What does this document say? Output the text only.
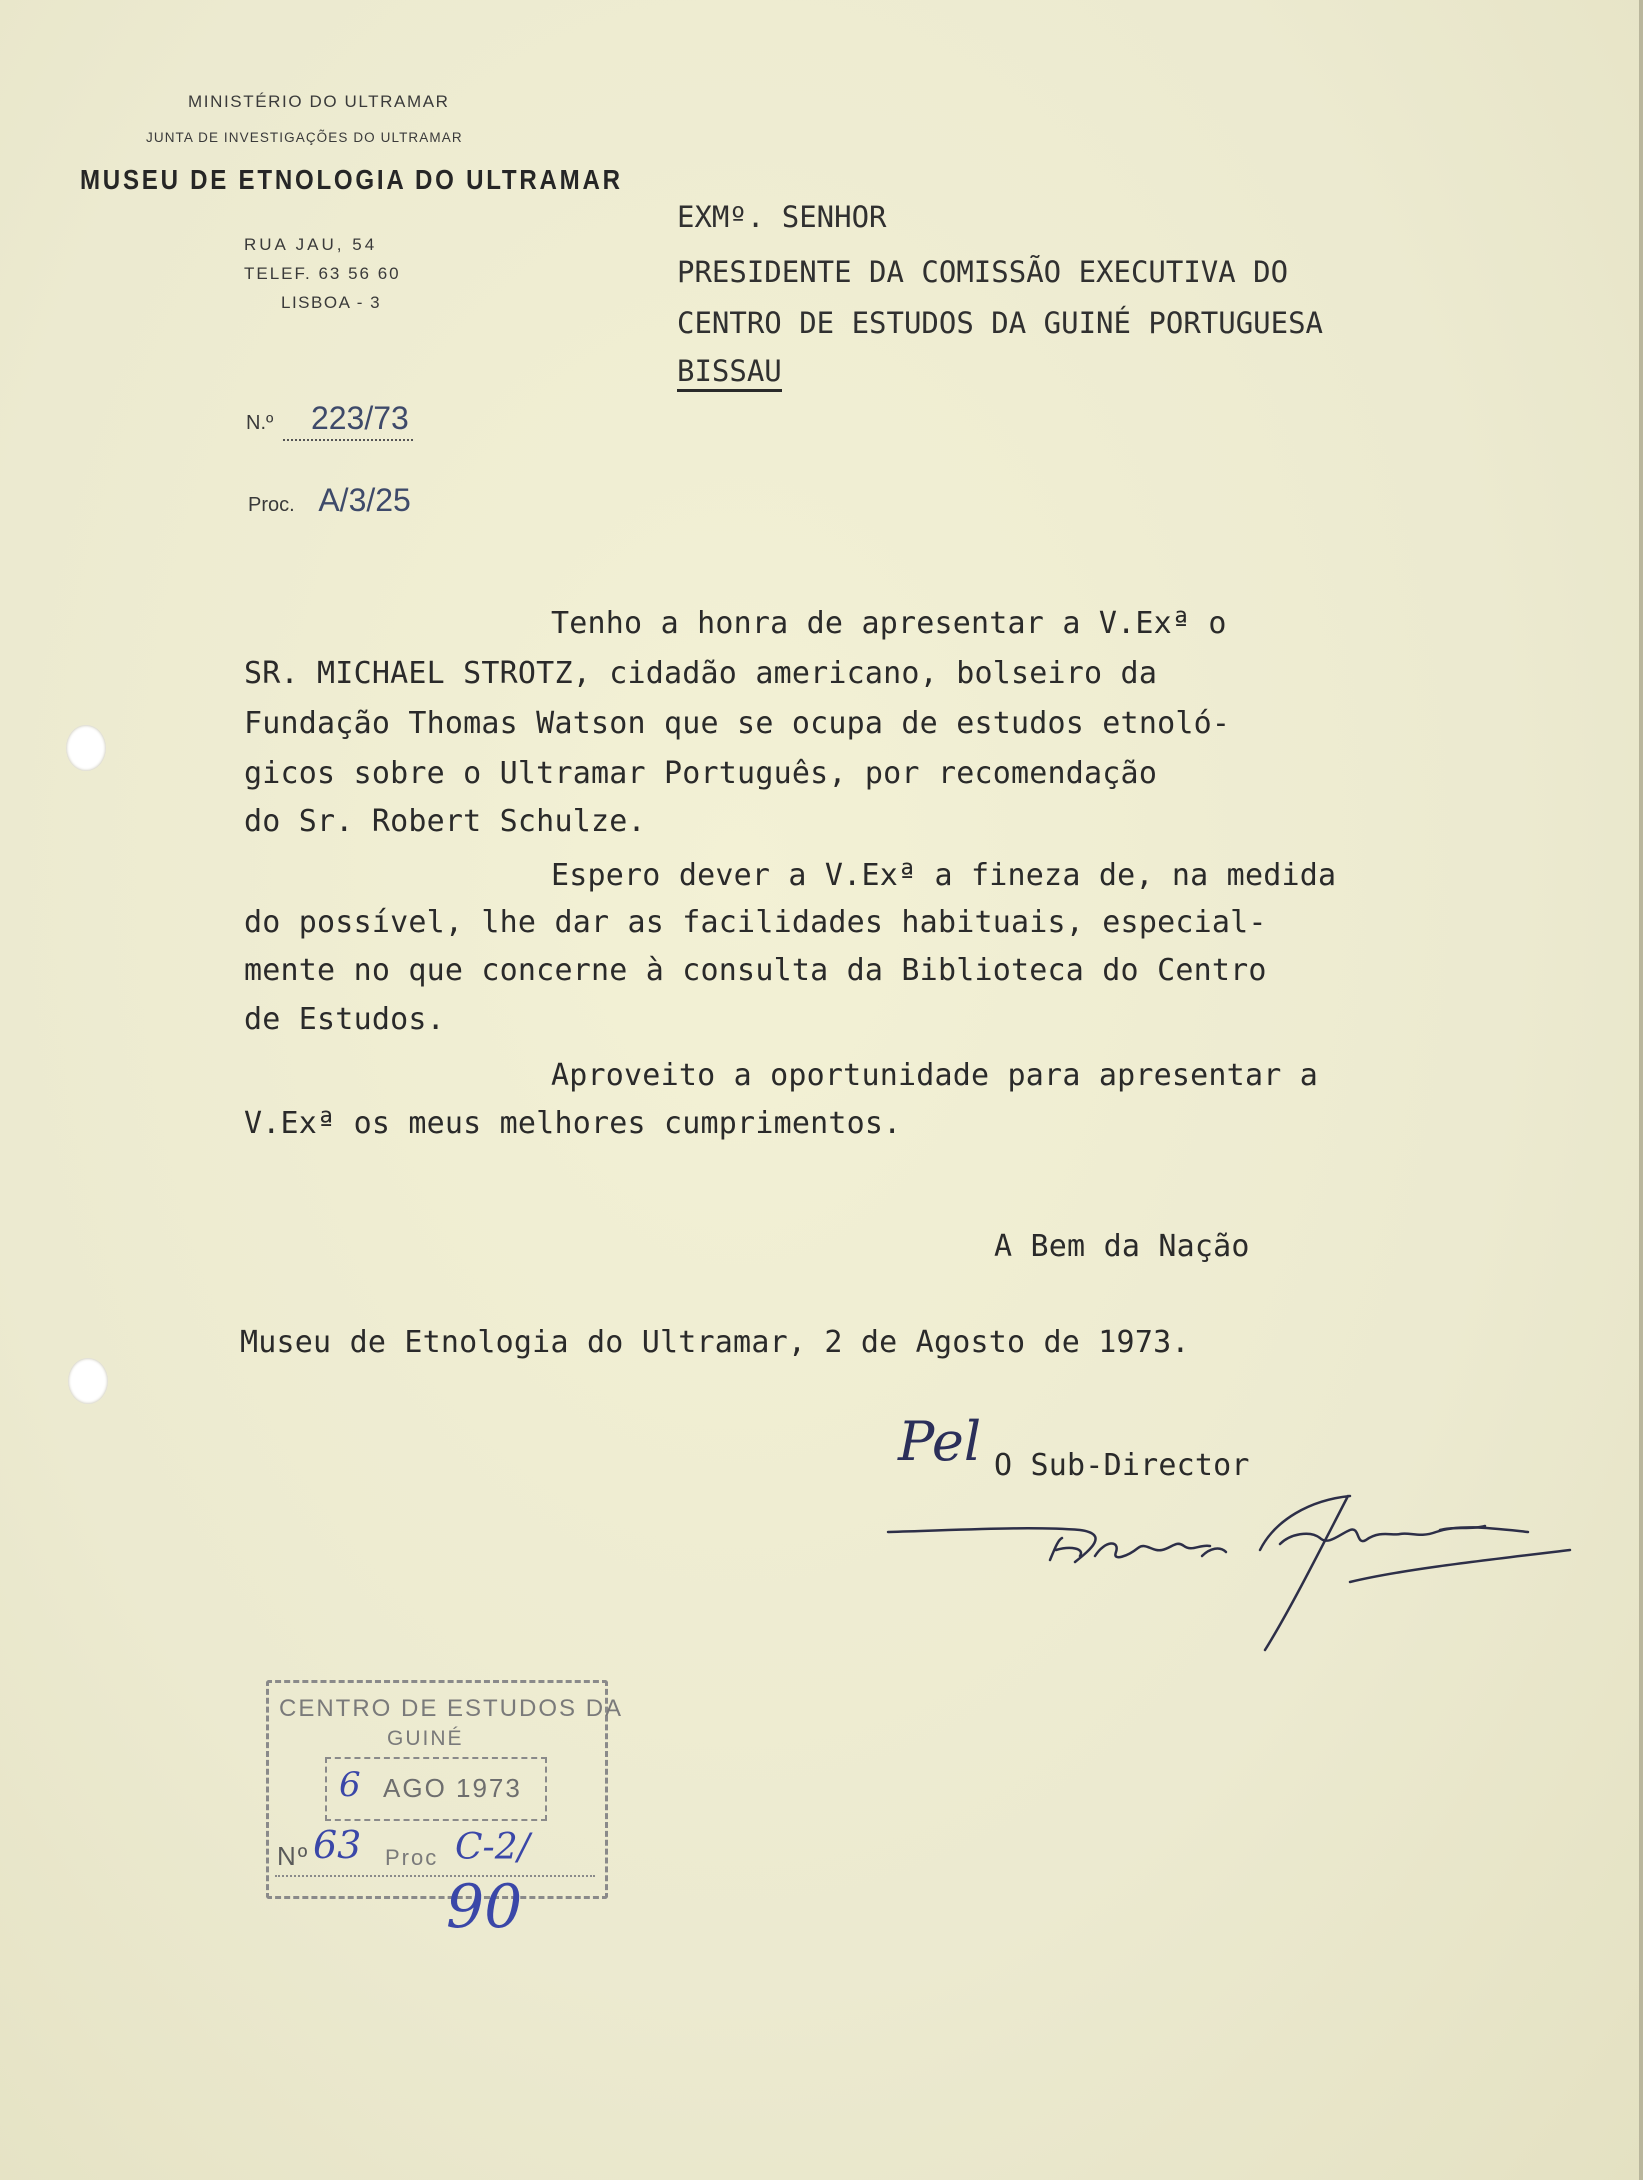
MINISTÉRIO DO ULTRAMAR
JUNTA DE INVESTIGAÇÕES DO ULTRAMAR
MUSEU DE ETNOLOGIA DO ULTRAMAR
RUA JAU, 54
TELEF. 63 56 60
LISBOA - 3
N.º 223/73
Proc. A/3/25
EXMº. SENHOR
PRESIDENTE DA COMISSÃO EXECUTIVA DO
CENTRO DE ESTUDOS DA GUINÉ PORTUGUESA
BISSAU
Tenho a honra de apresentar a V.Exª o
SR. MICHAEL STROTZ, cidadão americano, bolseiro da
Fundação Thomas Watson que se ocupa de estudos etnoló-
gicos sobre o Ultramar Português, por recomendação
do Sr. Robert Schulze.
Espero dever a V.Exª a fineza de, na medida
do possível, lhe dar as facilidades habituais, especial-
mente no que concerne à consulta da Biblioteca do Centro
de Estudos.
Aproveito a oportunidade para apresentar a
V.Exª os meus melhores cumprimentos.
A Bem da Nação
Museu de Etnologia do Ultramar, 2 de Agosto de 1973.
Pel O Sub-Director
CENTRO DE ESTUDOS DA
GUINÉ
6 AGO 1973
Nº 63 Proc C-2/
90
